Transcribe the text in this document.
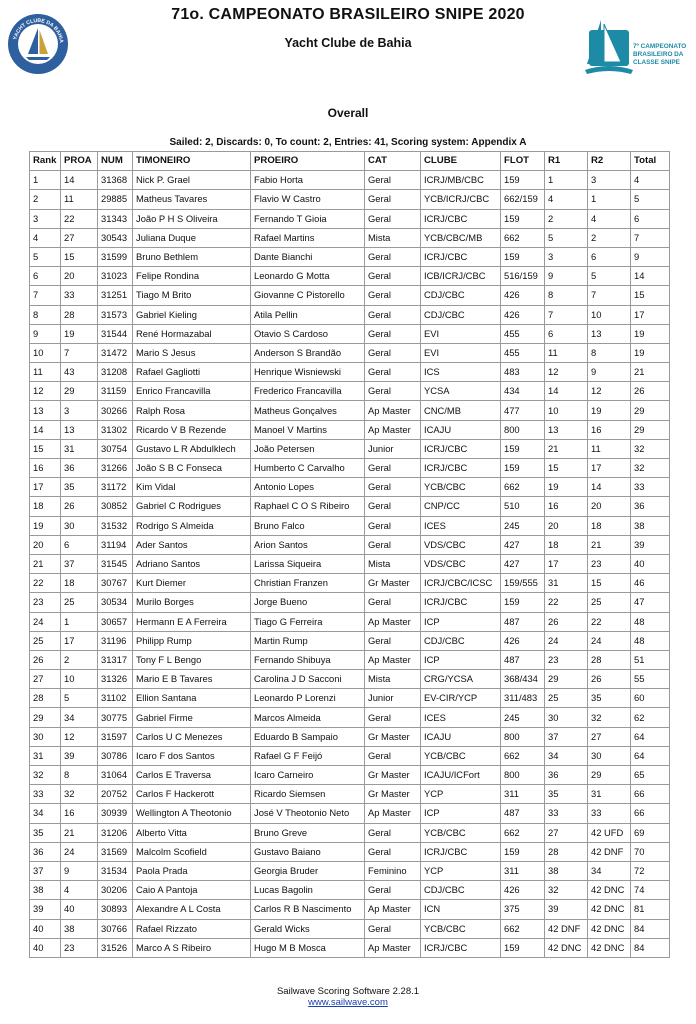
YACHT CLUBE DA BAHIA
71o. CAMPEONATO BRASILEIRO SNIPE 2020
Yacht Clube de Bahia	7º CAMPEONATO
BRASILEIRO DA
CLASSE SNIPE
Overall
Sailed: 2, Discards: 0, To count: 2, Entries: 41, Scoring system: Appendix A
Rank	PROA	NUM	TIMONEIRO	PROEIRO	CAT	CLUBE	FLOT	R1	R2	Total
1	14	31368	Nick P. Grael	Fabio Horta	Geral	ICRJ/MB/CBC	159	1	3	4
2	11	29885	Matheus Tavares	Flavio W Castro	Geral	YCB/ICRJ/CBC	662/159	4	1	5
3	22	31343	João P H S Oliveira	Fernando T Gioia	Geral	ICRJ/CBC	159	2	4	6
4	27	30543	Juliana Duque	Rafael Martins	Mista	YCB/CBC/MB	662	5	2	7
5	15	31599	Bruno Bethlem	Dante Bianchi	Geral	ICRJ/CBC	159	3	6	9
6	20	31023	Felipe Rondina	Leonardo G Motta	Geral	ICB/ICRJ/CBC	516/159	9	5	14
7	33	31251	Tiago M Brito	Giovanne C Pistorello	Geral	CDJ/CBC	426	8	7	15
8	28	31573	Gabriel Kieling	Atila Pellin	Geral	CDJ/CBC	426	7	10	17
9	19	31544	René Hormazabal	Otavio S Cardoso	Geral	EVI	455	6	13	19
10	7	31472	Mario S Jesus	Anderson S Brandão	Geral	EVI	455	11	8	19
11	43	31208	Rafael Gagliotti	Henrique Wisniewski	Geral	ICS	483	12	9	21
12	29	31159	Enrico Francavilla	Frederico Francavilla	Geral	YCSA	434	14	12	26
13	3	30266	Ralph Rosa	Matheus Gonçalves	Ap Master	CNC/MB	477	10	19	29
14	13	31302	Ricardo V B Rezende	Manoel V Martins	Ap Master	ICAJU	800	13	16	29
15	31	30754	Gustavo L R Abdulklech	João Petersen	Junior	ICRJ/CBC	159	21	11	32
16	36	31266	João S B C Fonseca	Humberto C Carvalho	Geral	ICRJ/CBC	159	15	17	32
17	35	31172	Kim Vidal	Antonio Lopes	Geral	YCB/CBC	662	19	14	33
18	26	30852	Gabriel C Rodrigues	Raphael C O S Ribeiro	Geral	CNP/CC	510	16	20	36
19	30	31532	Rodrigo S Almeida	Bruno Falco	Geral	ICES	245	20	18	38
20	6	31194	Ader Santos	Arion Santos	Geral	VDS/CBC	427	18	21	39
21	37	31545	Adriano Santos	Larissa Siqueira	Mista	VDS/CBC	427	17	23	40
22	18	30767	Kurt Diemer	Christian Franzen	Gr Master	ICRJ/CBC/ICSC	159/555	31	15	46
23	25	30534	Murilo Borges	Jorge Bueno	Geral	ICRJ/CBC	159	22	25	47
24	1	30657	Hermann E A Ferreira	Tiago G Ferreira	Ap Master	ICP	487	26	22	48
25	17	31196	Philipp Rump	Martin Rump	Geral	CDJ/CBC	426	24	24	48
26	2	31317	Tony F L Bengo	Fernando Shibuya	Ap Master	ICP	487	23	28	51
27	10	31326	Mario E B Tavares	Carolina J D Sacconi	Mista	CRG/YCSA	368/434	29	26	55
28	5	31102	Ellion Santana	Leonardo P Lorenzi	Junior	EV-CIR/YCP	311/483	25	35	60
29	34	30775	Gabriel Firme	Marcos Almeida	Geral	ICES	245	30	32	62
30	12	31597	Carlos U C Menezes	Eduardo B Sampaio	Gr Master	ICAJU	800	37	27	64
31	39	30786	Icaro F dos Santos	Rafael G F Feijó	Geral	YCB/CBC	662	34	30	64
32	8	31064	Carlos E Traversa	Icaro Carneiro	Gr Master	ICAJU/ICFort	800	36	29	65
33	32	20752	Carlos F Hackerott	Ricardo Siemsen	Gr Master	YCP	311	35	31	66
34	16	30939	Wellington A Theotonio	José V Theotonio Neto	Ap Master	ICP	487	33	33	66
35	21	31206	Alberto Vitta	Bruno Greve	Geral	YCB/CBC	662	27	42 UFD	69
36	24	31569	Malcolm Scofield	Gustavo Baiano	Geral	ICRJ/CBC	159	28	42 DNF	70
37	9	31534	Paola Prada	Georgia Bruder	Feminino	YCP	311	38	34	72
38	4	30206	Caio A Pantoja	Lucas Bagolin	Geral	CDJ/CBC	426	32	42 DNC	74
39	40	30893	Alexandre A L Costa	Carlos R B Nascimento	Ap Master	ICN	375	39	42 DNC	81
40	38	30766	Rafael Rizzato	Gerald Wicks	Geral	YCB/CBC	662	42 DNF	42 DNC	84
40	23	31526	Marco A S Ribeiro	Hugo M B Mosca	Ap Master	ICRJ/CBC	159	42 DNC	42 DNC	84
Sailwave Scoring Software 2.28.1
www.sailwave.com
